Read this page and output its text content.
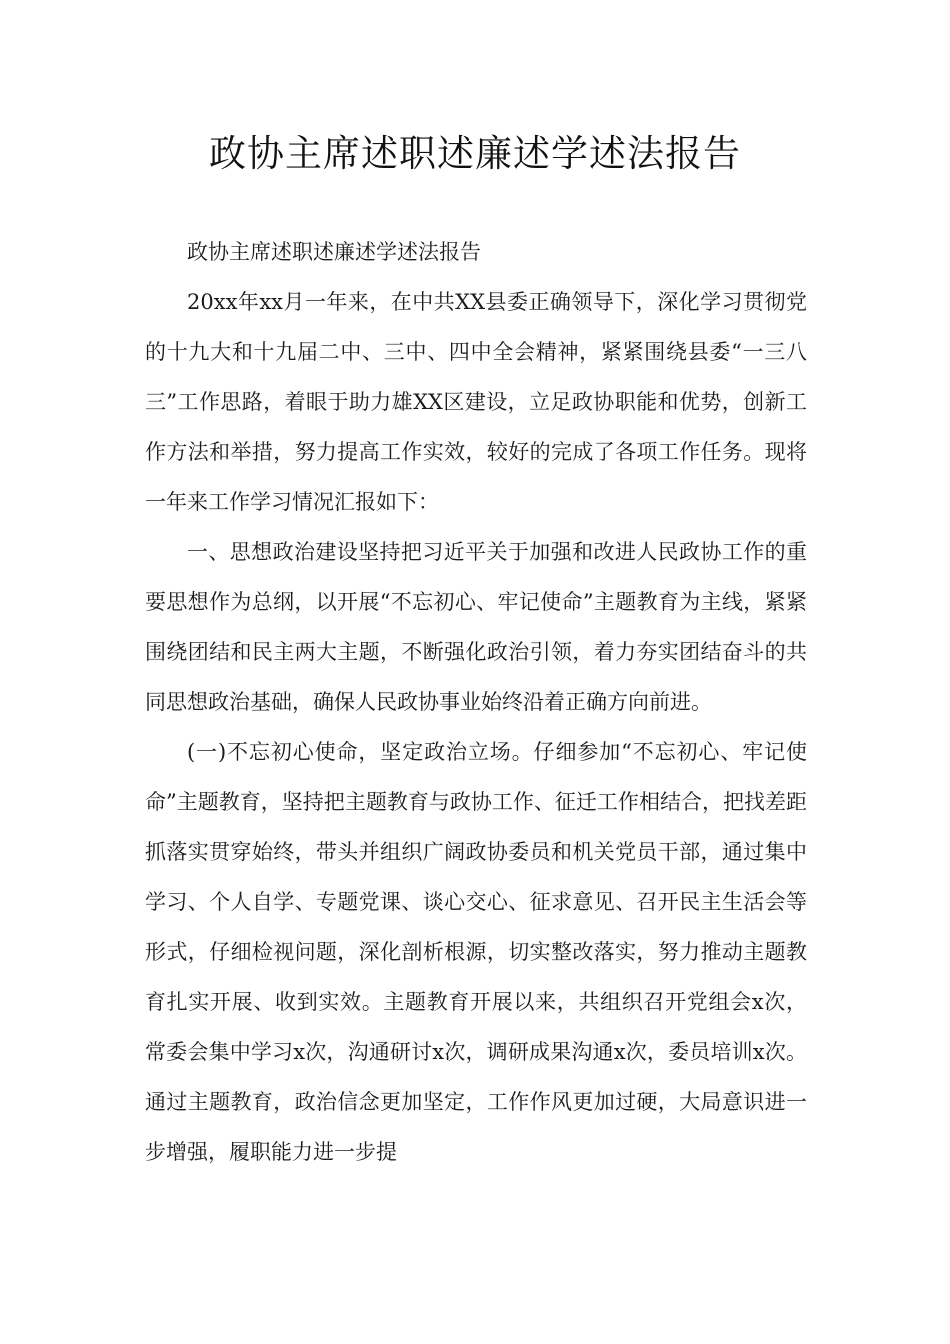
政协主席述职述廉述学述法报告

政协主席述职述廉述学述法报告

20xx年xx月一年来，在中共XX县委正确领导下，深化学习贯彻党的十九大和十九届二中、三中、四中全会精神，紧紧围绕县委“一三八三”工作思路，着眼于助力雄XX区建设，立足政协职能和优势，创新工作方法和举措，努力提高工作实效，较好的完成了各项工作任务。现将一年来工作学习情况汇报如下：

一、思想政治建设坚持把习近平关于加强和改进人民政协工作的重要思想作为总纲，以开展“不忘初心、牢记使命”主题教育为主线，紧紧围绕团结和民主两大主题，不断强化政治引领，着力夯实团结奋斗的共同思想政治基础，确保人民政协事业始终沿着正确方向前进。

(一)不忘初心使命，坚定政治立场。仔细参加“不忘初心、牢记使命”主题教育，坚持把主题教育与政协工作、征迁工作相结合，把找差距抓落实贯穿始终，带头并组织广阔政协委员和机关党员干部，通过集中学习、个人自学、专题党课、谈心交心、征求意见、召开民主生活会等形式，仔细检视问题，深化剖析根源，切实整改落实，努力推动主题教育扎实开展、收到实效。主题教育开展以来，共组织召开党组会x次，常委会集中学习x次，沟通研讨x次，调研成果沟通x次，委员培训x次。通过主题教育，政治信念更加坚定，工作作风更加过硬，大局意识进一步增强，履职能力进一步提
